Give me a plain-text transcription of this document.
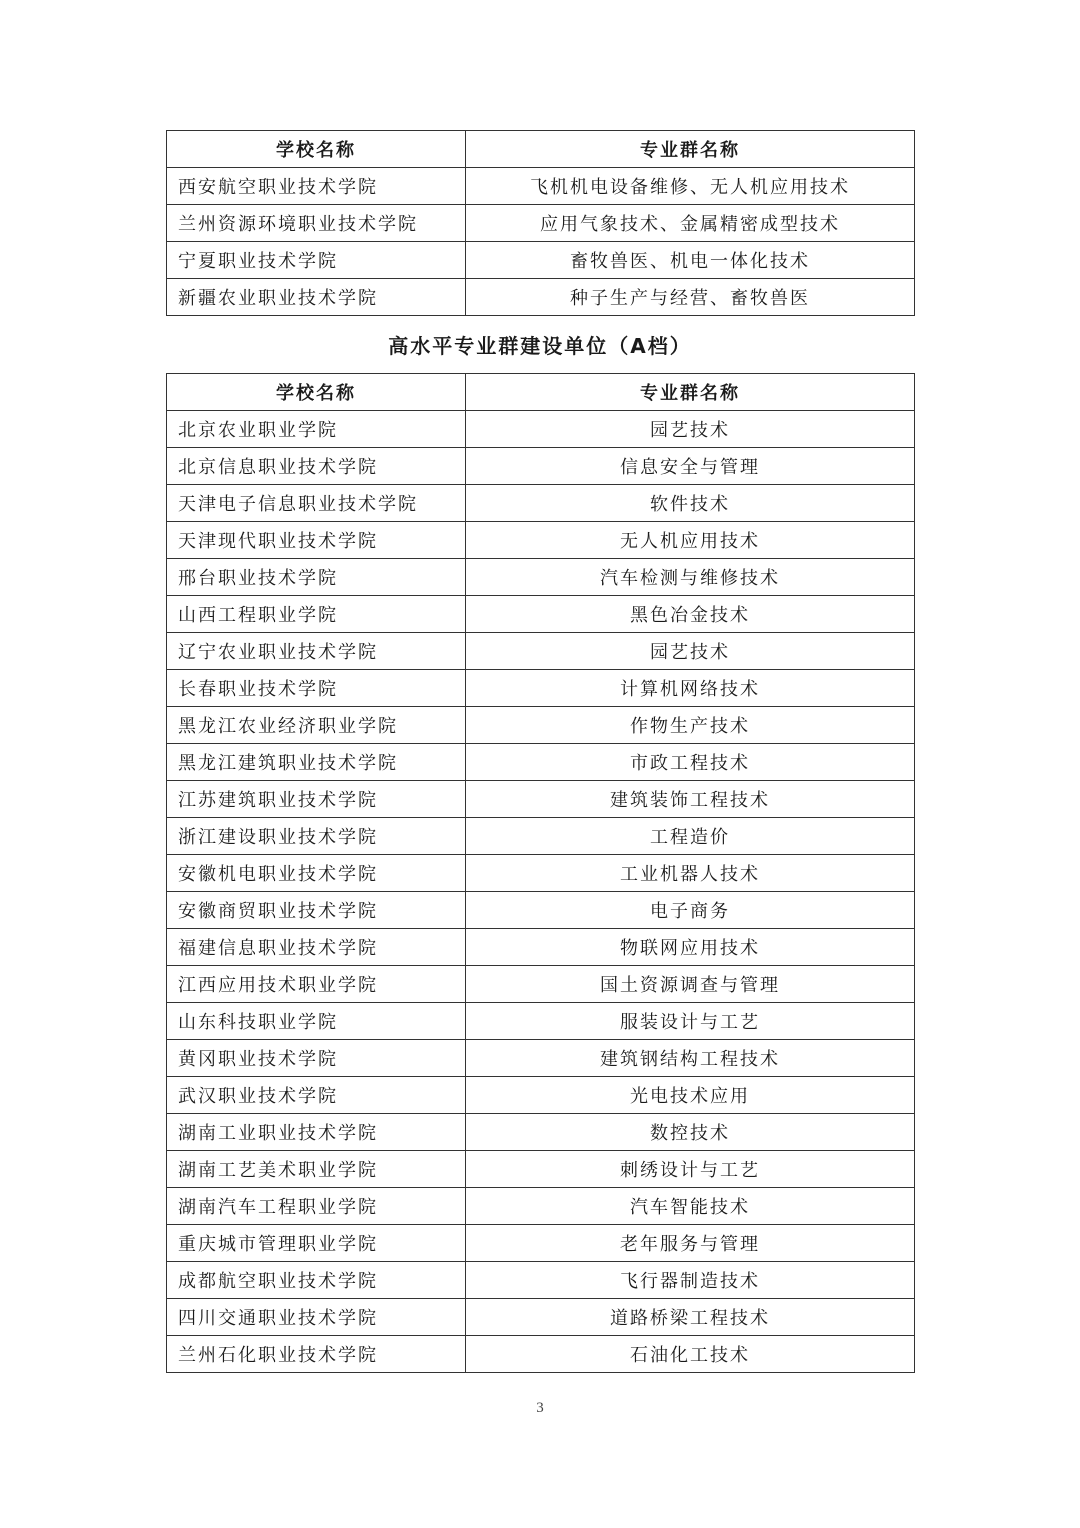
学校名称	专业群名称
西安航空职业技术学院	飞机机电设备维修、无人机应用技术
兰州资源环境职业技术学院	应用气象技术、金属精密成型技术
宁夏职业技术学院	畜牧兽医、机电一体化技术
新疆农业职业技术学院	种子生产与经营、畜牧兽医
高水平专业群建设单位（A档）
学校名称	专业群名称
北京农业职业学院	园艺技术
北京信息职业技术学院	信息安全与管理
天津电子信息职业技术学院	软件技术
天津现代职业技术学院	无人机应用技术
邢台职业技术学院	汽车检测与维修技术
山西工程职业学院	黑色冶金技术
辽宁农业职业技术学院	园艺技术
长春职业技术学院	计算机网络技术
黑龙江农业经济职业学院	作物生产技术
黑龙江建筑职业技术学院	市政工程技术
江苏建筑职业技术学院	建筑装饰工程技术
浙江建设职业技术学院	工程造价
安徽机电职业技术学院	工业机器人技术
安徽商贸职业技术学院	电子商务
福建信息职业技术学院	物联网应用技术
江西应用技术职业学院	国土资源调查与管理
山东科技职业学院	服装设计与工艺
黄冈职业技术学院	建筑钢结构工程技术
武汉职业技术学院	光电技术应用
湖南工业职业技术学院	数控技术
湖南工艺美术职业学院	刺绣设计与工艺
湖南汽车工程职业学院	汽车智能技术
重庆城市管理职业学院	老年服务与管理
成都航空职业技术学院	飞行器制造技术
四川交通职业技术学院	道路桥梁工程技术
兰州石化职业技术学院	石油化工技术
3
